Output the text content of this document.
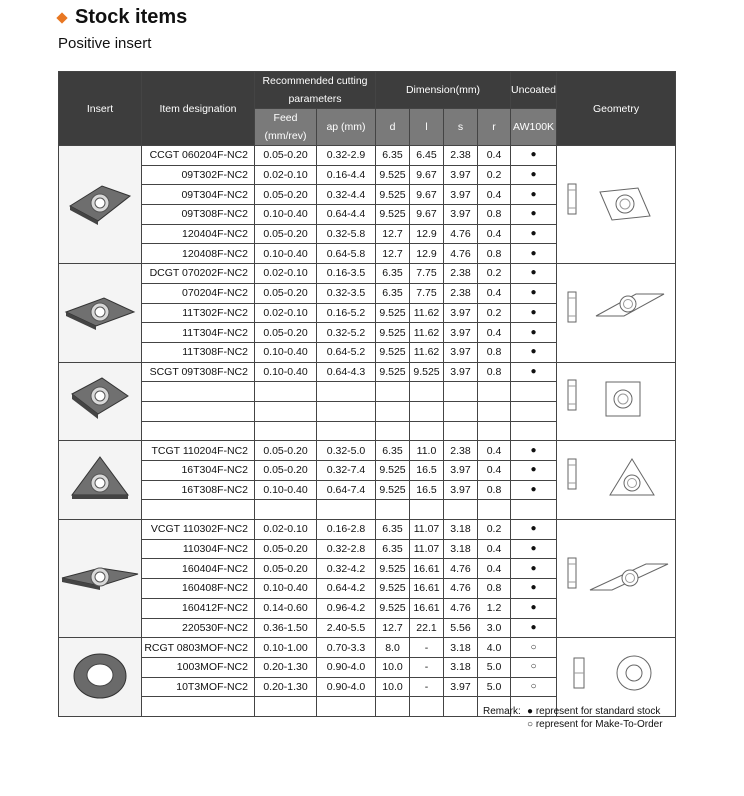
Stock items
Positive insert
Insert	Item designation	Recommended cutting parameters		Dimension(mm)				Uncoated	Geometry
		Feed (mm/rev)	ap (mm)	d	l	s	r	AW100K	
	CCGT 060204F-NC2	0.05-0.20	0.32-2.9	6.35	6.45	2.38	0.4	●	
	09T302F-NC2	0.02-0.10	0.16-4.4	9.525	9.67	3.97	0.2	●	
	09T304F-NC2	0.05-0.20	0.32-4.4	9.525	9.67	3.97	0.4	●	
	09T308F-NC2	0.10-0.40	0.64-4.4	9.525	9.67	3.97	0.8	●	
	120404F-NC2	0.05-0.20	0.32-5.8	12.7	12.9	4.76	0.4	●	
	120408F-NC2	0.10-0.40	0.64-5.8	12.7	12.9	4.76	0.8	●	
	DCGT 070202F-NC2	0.02-0.10	0.16-3.5	6.35	7.75	2.38	0.2	●	
	070204F-NC2	0.05-0.20	0.32-3.5	6.35	7.75	2.38	0.4	●	
	11T302F-NC2	0.02-0.10	0.16-5.2	9.525	11.62	3.97	0.2	●	
	11T304F-NC2	0.05-0.20	0.32-5.2	9.525	11.62	3.97	0.4	●	
	11T308F-NC2	0.10-0.40	0.64-5.2	9.525	11.62	3.97	0.8	●	
	SCGT 09T308F-NC2	0.10-0.40	0.64-4.3	9.525	9.525	3.97	0.8	●	

	TCGT 110204F-NC2	0.05-0.20	0.32-5.0	6.35	11.0	2.38	0.4	●	
	16T304F-NC2	0.05-0.20	0.32-7.4	9.525	16.5	3.97	0.4	●	
	16T308F-NC2	0.10-0.40	0.64-7.4	9.525	16.5	3.97	0.8	●	

	VCGT 110302F-NC2	0.02-0.10	0.16-2.8	6.35	11.07	3.18	0.2	●	
	110304F-NC2	0.05-0.20	0.32-2.8	6.35	11.07	3.18	0.4	●	
	160404F-NC2	0.05-0.20	0.32-4.2	9.525	16.61	4.76	0.4	●	
	160408F-NC2	0.10-0.40	0.64-4.2	9.525	16.61	4.76	0.8	●	
	160412F-NC2	0.14-0.60	0.96-4.2	9.525	16.61	4.76	1.2	●	
	220530F-NC2	0.36-1.50	2.40-5.5	12.7	22.1	5.56	3.0	●	
	RCGT 0803MOF-NC2	0.10-1.00	0.70-3.3	8.0	-	3.18	4.0	○	
	1003MOF-NC2	0.20-1.30	0.90-4.0	10.0	-	3.18	5.0	○	
	10T3MOF-NC2	0.20-1.30	0.90-4.0	10.0	-	3.97	5.0	○	

Remark: ● represent for standard stock
○ represent for Make-To-Order
